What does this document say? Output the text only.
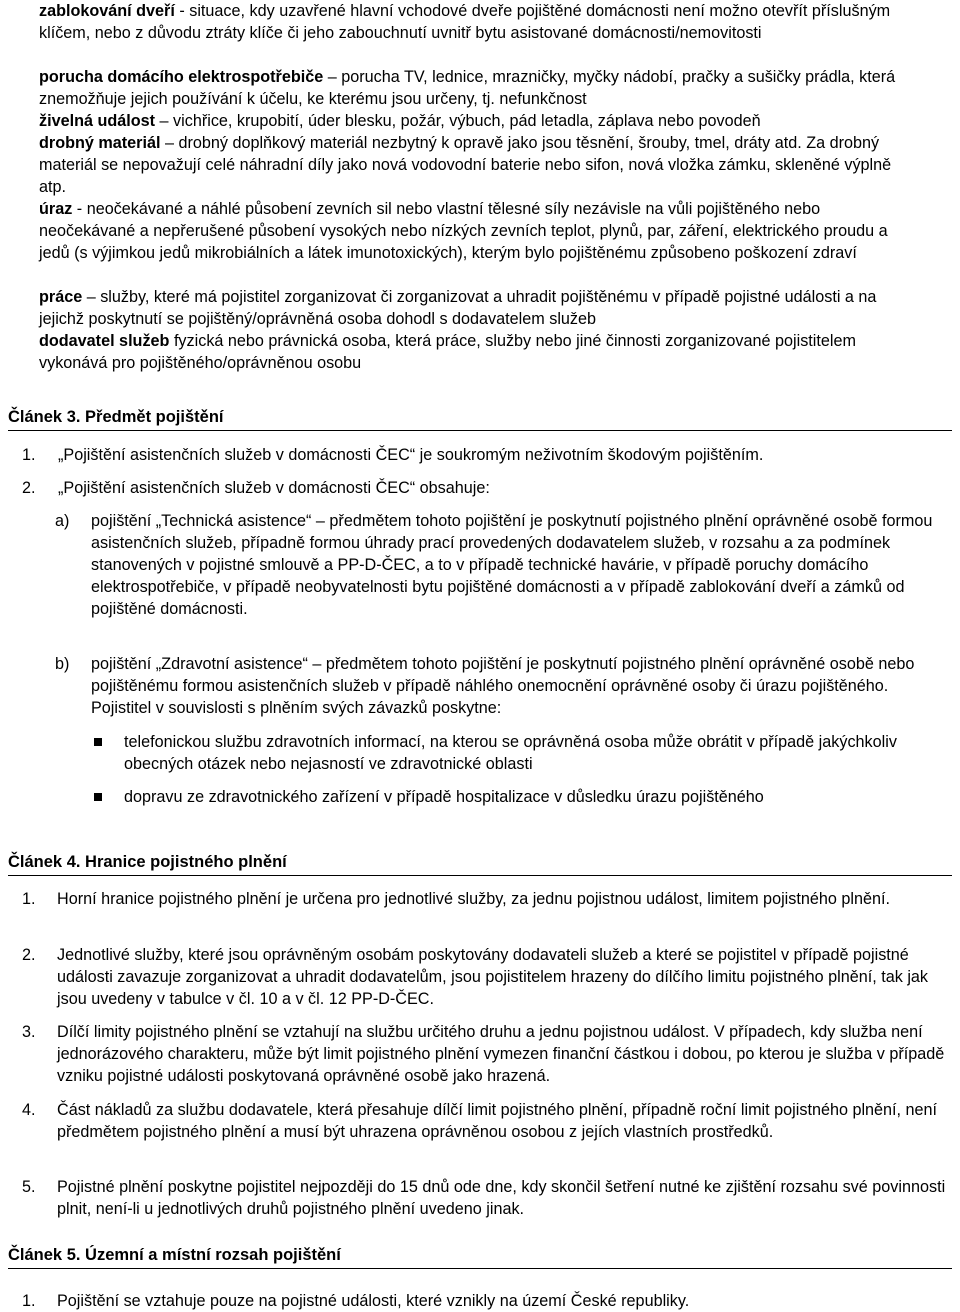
zablokování dveří - situace, kdy uzavřené hlavní vchodové dveře pojištěné domácnosti není možno otevřít příslušným klíčem, nebo z důvodu ztráty klíče či jeho zabouchnutí uvnitř bytu asistované domácnosti/nemovitosti

porucha domácího elektrospotřebiče – porucha TV, lednice, mrazničky, myčky nádobí, pračky a sušičky prádla, která znemožňuje jejich používání k účelu, ke kterému jsou určeny, tj. nefunkčnost

živelná událost – vichřice, krupobití, úder blesku, požár, výbuch, pád letadla, záplava nebo povodeň

drobný materiál – drobný doplňkový materiál nezbytný k opravě jako jsou těsnění, šrouby, tmel, dráty atd. Za drobný materiál se nepovažují celé náhradní díly jako nová vodovodní baterie nebo sifon, nová vložka zámku, skleněné výplně atp.

úraz - neočekávané a náhlé působení zevních sil nebo vlastní tělesné síly nezávisle na vůli pojištěného nebo neočekávané a nepřerušené působení vysokých nebo nízkých zevních teplot, plynů, par, záření, elektrického proudu a jedů (s výjimkou jedů mikrobiálních a látek imunotoxických), kterým bylo pojištěnému způsobeno poškození zdraví

práce – služby, které má pojistitel zorganizovat či zorganizovat a uhradit pojištěnému v případě pojistné události a na jejichž poskytnutí se pojištěný/oprávněná osoba dohodl s dodavatelem služeb

dodavatel služeb fyzická nebo právnická osoba, která práce, služby nebo jiné činnosti zorganizované pojistitelem vykonává pro pojištěného/oprávněnou osobu

Článek 3. Předmět pojištění
1. „Pojištění asistenčních služeb v domácnosti ČEC“ je soukromým neživotním škodovým pojištěním.
2. „Pojištění asistenčních služeb v domácnosti ČEC“ obsahuje:
a) pojištění „Technická asistence“ – předmětem tohoto pojištění je poskytnutí pojistného plnění oprávněné osobě formou asistenčních služeb, případně formou úhrady prací provedených dodavatelem služeb, v rozsahu a za podmínek stanovených v pojistné smlouvě a PP-D-ČEC, a to v případě technické havárie, v případě poruchy domácího elektrospotřebiče, v případě neobyvatelnosti bytu pojištěné domácnosti a v případě zablokování dveří a zámků od pojištěné domácnosti.
b) pojištění „Zdravotní asistence“ – předmětem tohoto pojištění je poskytnutí pojistného plnění oprávněné osobě nebo pojištěnému formou asistenčních služeb v případě náhlého onemocnění oprávněné osoby či úrazu pojištěného. Pojistitel v souvislosti s plněním svých závazků poskytne:
telefonickou službu zdravotních informací, na kterou se oprávněná osoba může obrátit v případě jakýchkoliv obecných otázek nebo nejasností ve zdravotnické oblasti
dopravu ze zdravotnického zařízení v případě hospitalizace v důsledku úrazu pojištěného
Článek 4. Hranice pojistného plnění
1. Horní hranice pojistného plnění je určena pro jednotlivé služby, za jednu pojistnou událost, limitem pojistného plnění.
2. Jednotlivé služby, které jsou oprávněným osobám poskytovány dodavateli služeb a které se pojistitel v případě pojistné události zavazuje zorganizovat a uhradit dodavatelům, jsou pojistitelem hrazeny do dílčího limitu pojistného plnění, tak jak jsou uvedeny v tabulce v čl. 10 a v čl. 12 PP-D-ČEC.
3. Dílčí limity pojistného plnění se vztahují na službu určitého druhu a jednu pojistnou událost. V případech, kdy služba není jednorázového charakteru, může být limit pojistného plnění vymezen finanční částkou i dobou, po kterou je služba v případě vzniku pojistné události poskytovaná oprávněné osobě jako hrazená.
4. Část nákladů za službu dodavatele, která přesahuje dílčí limit pojistného plnění, případně roční limit pojistného plnění, není předmětem pojistného plnění a musí být uhrazena oprávněnou osobou z jejích vlastních prostředků.
5. Pojistné plnění poskytne pojistitel nejpozději do 15 dnů ode dne, kdy skončil šetření nutné ke zjištění rozsahu své povinnosti plnit, není-li u jednotlivých druhů pojistného plnění uvedeno jinak.
Článek 5. Územní a místní rozsah pojištění
1. Pojištění se vztahuje pouze na pojistné události, které vznikly na území České republiky.
